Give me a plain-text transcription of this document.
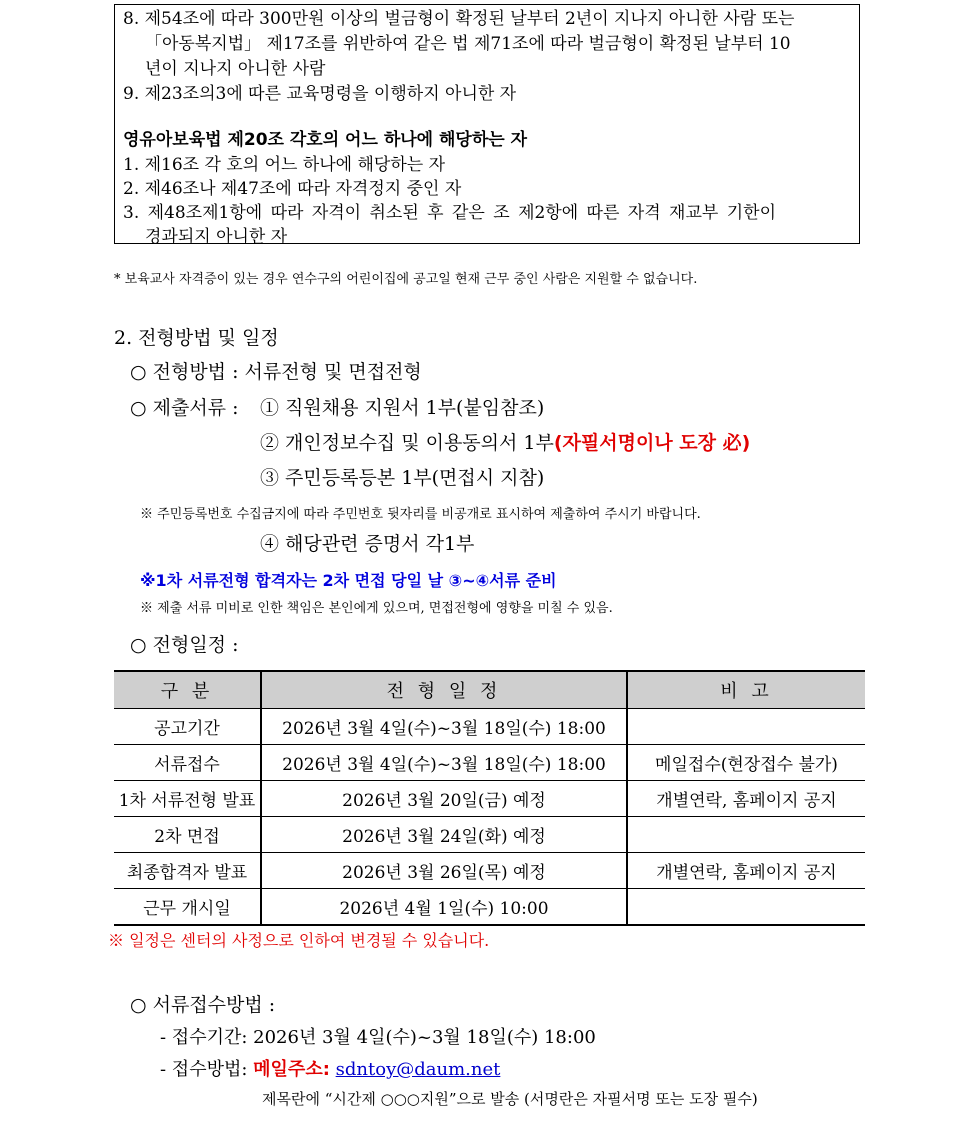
8. 제54조에 따라 300만원 이상의 벌금형이 확정된 날부터 2년이 지나지 아니한 사람 또는
「아동복지법」 제17조를 위반하여 같은 법 제71조에 따라 벌금형이 확정된 날부터 10
년이 지나지 아니한 사람
9. 제23조의3에 따른 교육명령을 이행하지 아니한 자
영유아보육법 제20조 각호의 어느 하나에 해당하는 자
1. 제16조 각 호의 어느 하나에 해당하는 자
2. 제46조나 제47조에 따라 자격정지 중인 자
3. 제48조제1항에 따라 자격이 취소된 후 같은 조 제2항에 따른 자격 재교부 기한이
경과되지 아니한 자
* 보육교사 자격증이 있는 경우 연수구의 어린이집에 공고일 현재 근무 중인 사람은 지원할 수 없습니다.
2. 전형방법 및 일정
○ 전형방법 : 서류전형 및 면접전형
○ 제출서류 : ① 직원채용 지원서 1부(붙임참조)
② 개인정보수집 및 이용동의서 1부(자필서명이나 도장 必)
③ 주민등록등본 1부(면접시 지참)
※ 주민등록번호 수집금지에 따라 주민번호 뒷자리를 비공개로 표시하여 제출하여 주시기 바랍니다.
④ 해당관련 증명서 각1부
※1차 서류전형 합격자는 2차 면접 당일 날 ③~④서류 준비
※ 제출 서류 미비로 인한 책임은 본인에게 있으며, 면접전형에 영향을 미칠 수 있음.
○ 전형일정 :
구 분	전 형 일 정	비 고
공고기간	2026년 3월 4일(수)~3월 18일(수) 18:00	
서류접수	2026년 3월 4일(수)~3월 18일(수) 18:00	메일접수(현장접수 불가)
1차 서류전형 발표	2026년 3월 20일(금) 예정	개별연락, 홈페이지 공지
2차 면접	2026년 3월 24일(화) 예정	
최종합격자 발표	2026년 3월 26일(목) 예정	개별연락, 홈페이지 공지
근무 개시일	2026년 4월 1일(수) 10:00	
※ 일정은 센터의 사정으로 인하여 변경될 수 있습니다.
○ 서류접수방법 :
- 접수기간: 2026년 3월 4일(수)~3월 18일(수) 18:00
- 접수방법: 메일주소: sdntoy@daum.net
제목란에 “시간제 ○○○지원”으로 발송 (서명란은 자필서명 또는 도장 필수)
